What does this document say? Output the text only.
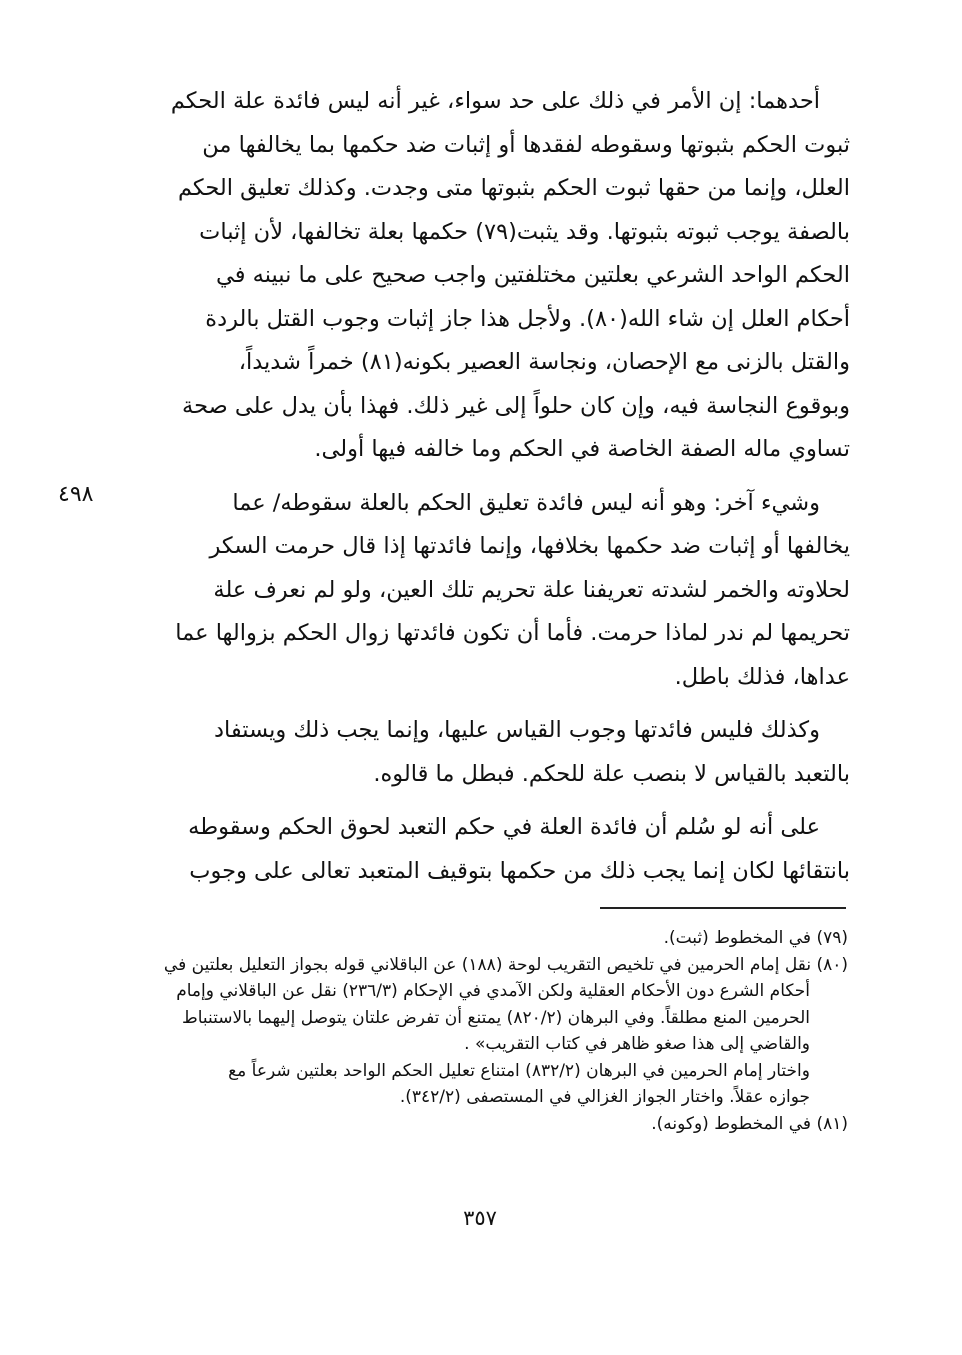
٤٩٨

أحدهما: إن الأمر في ذلك على حد سواء، غير أنه ليس فائدة علة الحكم
ثبوت الحكم بثبوتها وسقوطه لفقدها أو إثبات ضد حكمها بما يخالفها من
العلل، وإنما من حقها ثبوت الحكم بثبوتها متى وجدت. وكذلك تعليق الحكم
بالصفة يوجب ثبوته بثبوتها. وقد يثبت(٧٩) حكمها بعلة تخالفها، لأن إثبات
الحكم الواحد الشرعي بعلتين مختلفتين واجب صحيح على ما نبينه في
أحكام العلل إن شاء الله(٨٠). ولأجل هذا جاز إثبات وجوب القتل بالردة
والقتل بالزنى مع الإحصان، ونجاسة العصير بكونه(٨١) خمراً شديداً،
وبوقوع النجاسة فيه، وإن كان حلواً إلى غير ذلك. فهذا بأن يدل على صحة
تساوي ماله الصفة الخاصة في الحكم وما خالفه فيها أولى.

وشيء آخر: وهو أنه ليس فائدة تعليق الحكم بالعلة سقوطه/ عما
يخالفها أو إثبات ضد حكمها بخلافها، وإنما فائدتها إذا قال حرمت السكر
لحلاوته والخمر لشدته تعريفنا علة تحريم تلك العين، ولو لم نعرف علة
تحريمها لم ندر لماذا حرمت. فأما أن تكون فائدتها زوال الحكم بزوالها عما
عداها، فذلك باطل.

وكذلك فليس فائدتها وجوب القياس عليها، وإنما يجب ذلك ويستفاد
بالتعبد بالقياس لا بنصب علة للحكم. فبطل ما قالوه.

على أنه لو سُلم أن فائدة العلة في حكم التعبد لحوق الحكم وسقوطه
بانتقائها لكان إنما يجب ذلك من حكمها بتوقيف المتعبد تعالى على وجوب

(٧٩) في المخطوط (ثبت).
(٨٠) نقل إمام الحرمين في تلخيص التقريب لوحة (١٨٨) عن الباقلاني قوله بجواز التعليل بعلتين في
أحكام الشرع دون الأحكام العقلية ولكن الآمدي في الإحكام (٢٣٦/٣) نقل عن الباقلاني وإمام
الحرمين المنع مطلقاً. وفي البرهان (٨٢٠/٢) يمتنع أن تفرض علتان يتوصل إليهما بالاستنباط
والقاضي إلى هذا صغو ظاهر في كتاب التقريب» .
واختار إمام الحرمين في البرهان (٨٣٢/٢) امتناع تعليل الحكم الواحد بعلتين شرعاً مع
جوازه عقلاً. واختار الجواز الغزالي في المستصفى (٣٤٢/٢).
(٨١) في المخطوط (وكونه).
٣٥٧
